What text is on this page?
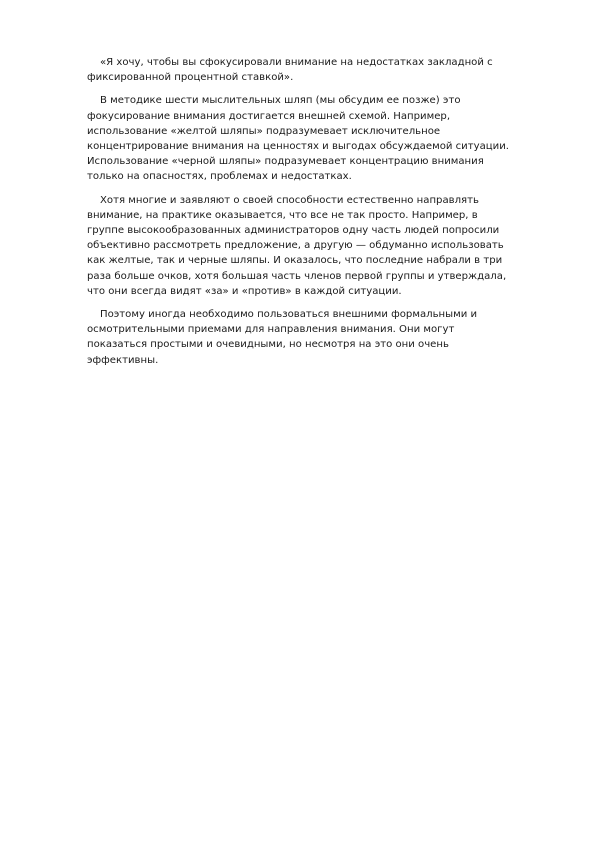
«Я хочу, чтобы вы сфокусировали внимание на недостатках закладной с
фиксированной процентной ставкой».

В методике шести мыслительных шляп (мы обсудим ее позже) это
фокусирование внимания достигается внешней схемой. Например,
использование «желтой шляпы» подразумевает исключительное
концентрирование внимания на ценностях и выгодах обсуждаемой ситуации.
Использование «черной шляпы» подразумевает концентрацию внимания
только на опасностях, проблемах и недостатках.

Хотя многие и заявляют о своей способности естественно направлять
внимание, на практике оказывается, что все не так просто. Например, в
группе высокообразованных администраторов одну часть людей попросили
объективно рассмотреть предложение, а другую — обдуманно использовать
как желтые, так и черные шляпы. И оказалось, что последние набрали в три
раза больше очков, хотя большая часть членов первой группы и утверждала,
что они всегда видят «за» и «против» в каждой ситуации.

Поэтому иногда необходимо пользоваться внешними формальными и
осмотрительными приемами для направления внимания. Они могут
показаться простыми и очевидными, но несмотря на это они очень
эффективны.
